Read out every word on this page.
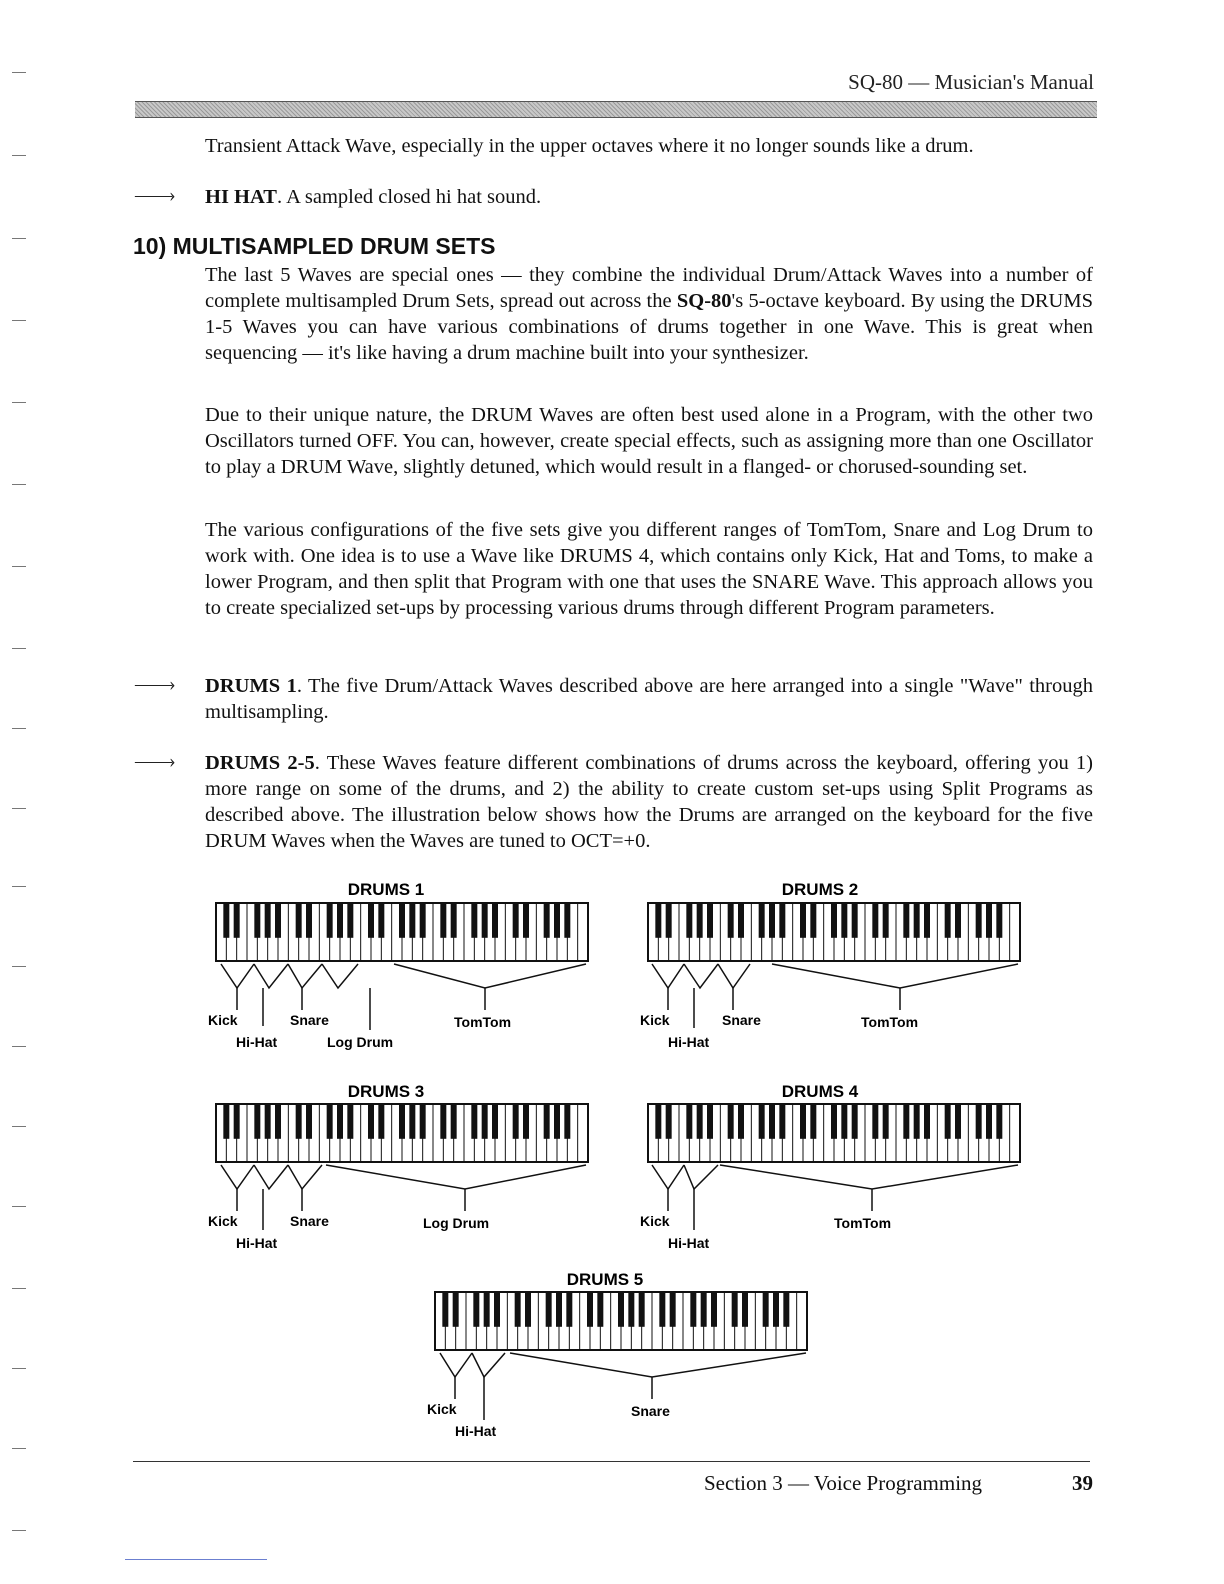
SQ-80 — Musician's Manual

Transient Attack Wave, especially in the upper octaves where it no longer sounds like a drum.

——› HI HAT. A sampled closed hi hat sound.

10) MULTISAMPLED DRUM SETS

The last 5 Waves are special ones — they combine the individual Drum/Attack Waves into a number of complete multisampled Drum Sets, spread out across the SQ-80's 5-octave keyboard. By using the DRUMS 1-5 Waves you can have various combinations of drums together in one Wave. This is great when sequencing — it's like having a drum machine built into your synthesizer.

Due to their unique nature, the DRUM Waves are often best used alone in a Program, with the other two Oscillators turned OFF. You can, however, create special effects, such as assigning more than one Oscillator to play a DRUM Wave, slightly detuned, which would result in a flanged- or chorused-sounding set.

The various configurations of the five sets give you different ranges of TomTom, Snare and Log Drum to work with. One idea is to use a Wave like DRUMS 4, which contains only Kick, Hat and Toms, to make a lower Program, and then split that Program with one that uses the SNARE Wave. This approach allows you to create specialized set-ups by processing various drums through different Program parameters.

——› DRUMS 1. The five Drum/Attack Waves described above are here arranged into a single "Wave" through multisampling.

——› DRUMS 2-5. These Waves feature different combinations of drums across the keyboard, offering you 1) more range on some of the drums, and 2) the ability to create custom set-ups using Split Programs as described above. The illustration below shows how the Drums are arranged on the keyboard for the five DRUM Waves when the Waves are tuned to OCT=+0.

DRUMS 1
Kick
Hi-Hat
Snare
Log Drum
TomTom
DRUMS 2
Kick
Hi-Hat
Snare	TomTom
DRUMS 3
Kick
Hi-Hat
Snare	Log Drum
DRUMS 4
Kick
Hi-Hat
TomTom
DRUMS 5
Kick
Hi-Hat
Snare
Section 3 — Voice Programming	39
